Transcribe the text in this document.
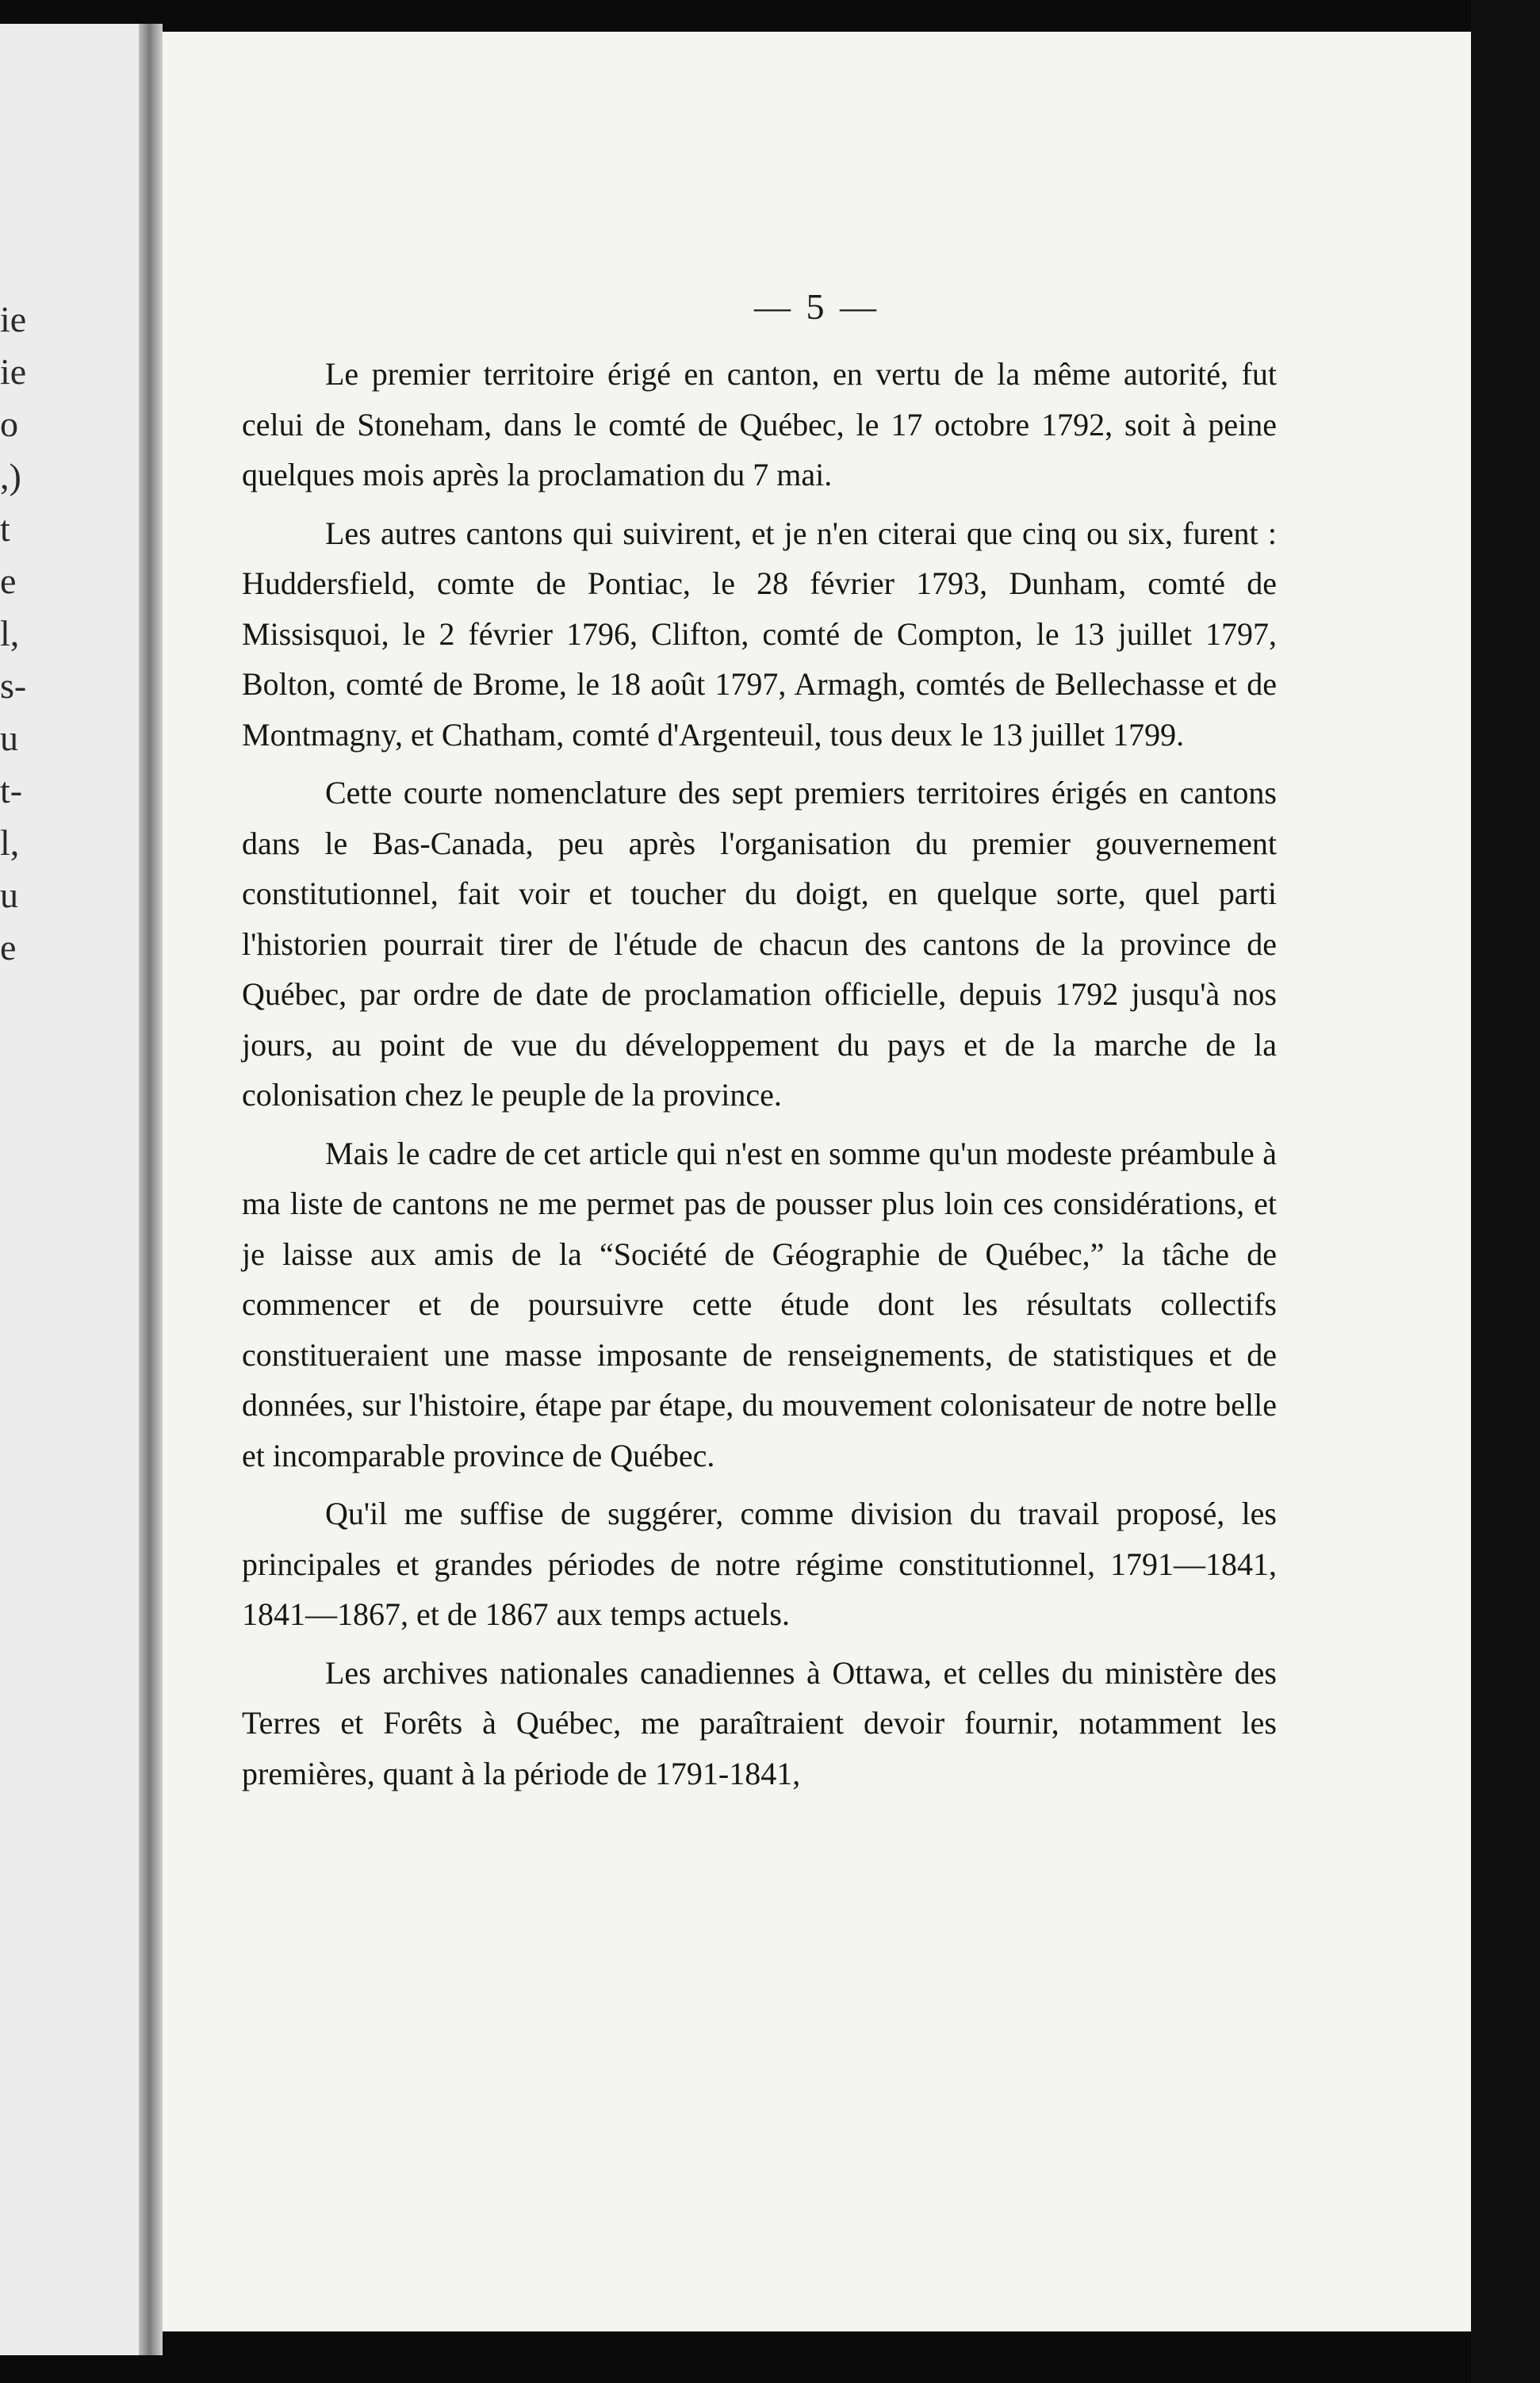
ie
ie
o
,)
t
e
l,
s-
u
t-
l,
u
e
— 5 —

Le premier territoire érigé en canton, en vertu de la même autorité, fut celui de Stoneham, dans le comté de Québec, le 17 octobre 1792, soit à peine quelques mois après la proclamation du 7 mai.

Les autres cantons qui suivirent, et je n'en citerai que cinq ou six, furent : Huddersfield, comte de Pontiac, le 28 février 1793, Dunham, comté de Missisquoi, le 2 février 1796, Clifton, comté de Compton, le 13 juillet 1797, Bolton, comté de Brome, le 18 août 1797, Armagh, comtés de Bellechasse et de Montmagny, et Chatham, comté d'Argenteuil, tous deux le 13 juillet 1799.

Cette courte nomenclature des sept premiers territoires érigés en cantons dans le Bas-Canada, peu après l'organisation du premier gouvernement constitutionnel, fait voir et toucher du doigt, en quelque sorte, quel parti l'historien pourrait tirer de l'étude de chacun des cantons de la province de Québec, par ordre de date de proclamation officielle, depuis 1792 jusqu'à nos jours, au point de vue du développement du pays et de la marche de la colonisation chez le peuple de la province.

Mais le cadre de cet article qui n'est en somme qu'un modeste préambule à ma liste de cantons ne me permet pas de pousser plus loin ces considérations, et je laisse aux amis de la “Société de Géographie de Québec,” la tâche de commencer et de poursuivre cette étude dont les résultats collectifs constitueraient une masse imposante de renseignements, de statistiques et de données, sur l'histoire, étape par étape, du mouvement colonisateur de notre belle et incomparable province de Québec.

Qu'il me suffise de suggérer, comme division du travail proposé, les principales et grandes périodes de notre régime constitutionnel, 1791—1841, 1841—1867, et de 1867 aux temps actuels.

Les archives nationales canadiennes à Ottawa, et celles du ministère des Terres et Forêts à Québec, me paraîtraient devoir fournir, notamment les premières, quant à la période de 1791-1841,
